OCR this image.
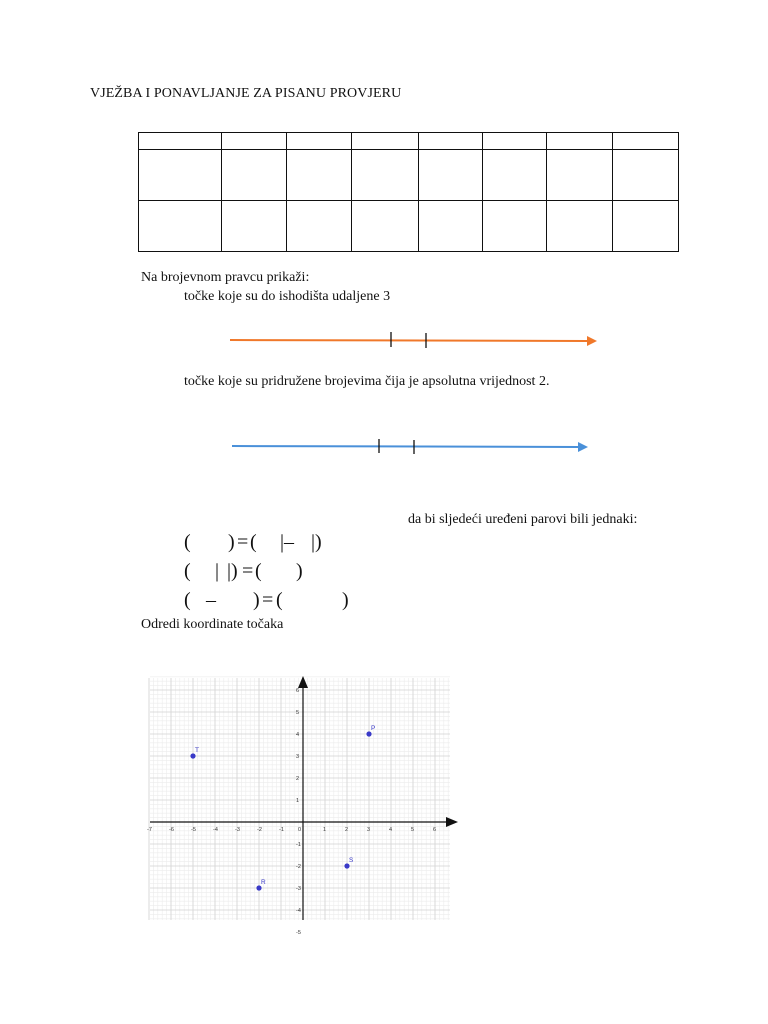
VJEŽBA I PONAVLJANJE ZA PISANU PROVJERU

Na brojevnom pravcu prikaži:
točke koje su do ishodišta udaljene 3
točke koje su pridružene brojevima čija je apsolutna vrijednost 2.
da bi sljedeći uređeni parovi bili jednaki:
( ) = ( |– |)
( | |) = ( )
( – ) = (	)
Odredi koordinate točaka
-7	-6	-5	-4	-3	-2	-1	0	1	2	3	4	5	6
6
5
4
3
2
1
-1
-2
-3
-4
-5
P
T
S
R
